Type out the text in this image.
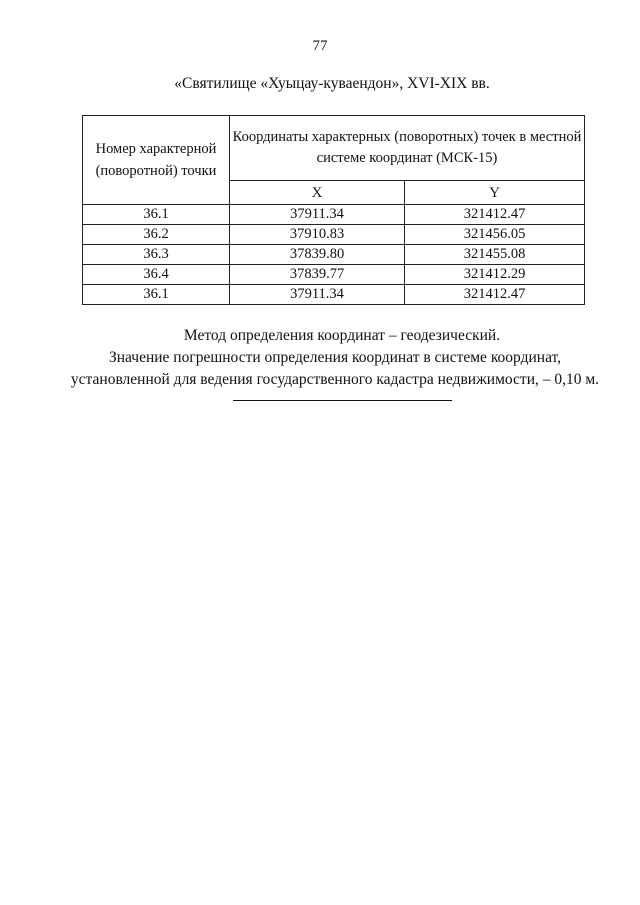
77
«Святилище «Хуыцау-куваендон», XVI-XIX вв.
Номер характерной (поворотной) точки	Координаты характерных (поворотных) точек в местной системе координат (МСК-15)	
	X	Y
36.1	37911.34	321412.47
36.2	37910.83	321456.05
36.3	37839.80	321455.08
36.4	37839.77	321412.29
36.1	37911.34	321412.47
Метод определения координат – геодезический.
Значение погрешности определения координат в системе координат, установленной для ведения государственного кадастра недвижимости, – 0,10 м.
